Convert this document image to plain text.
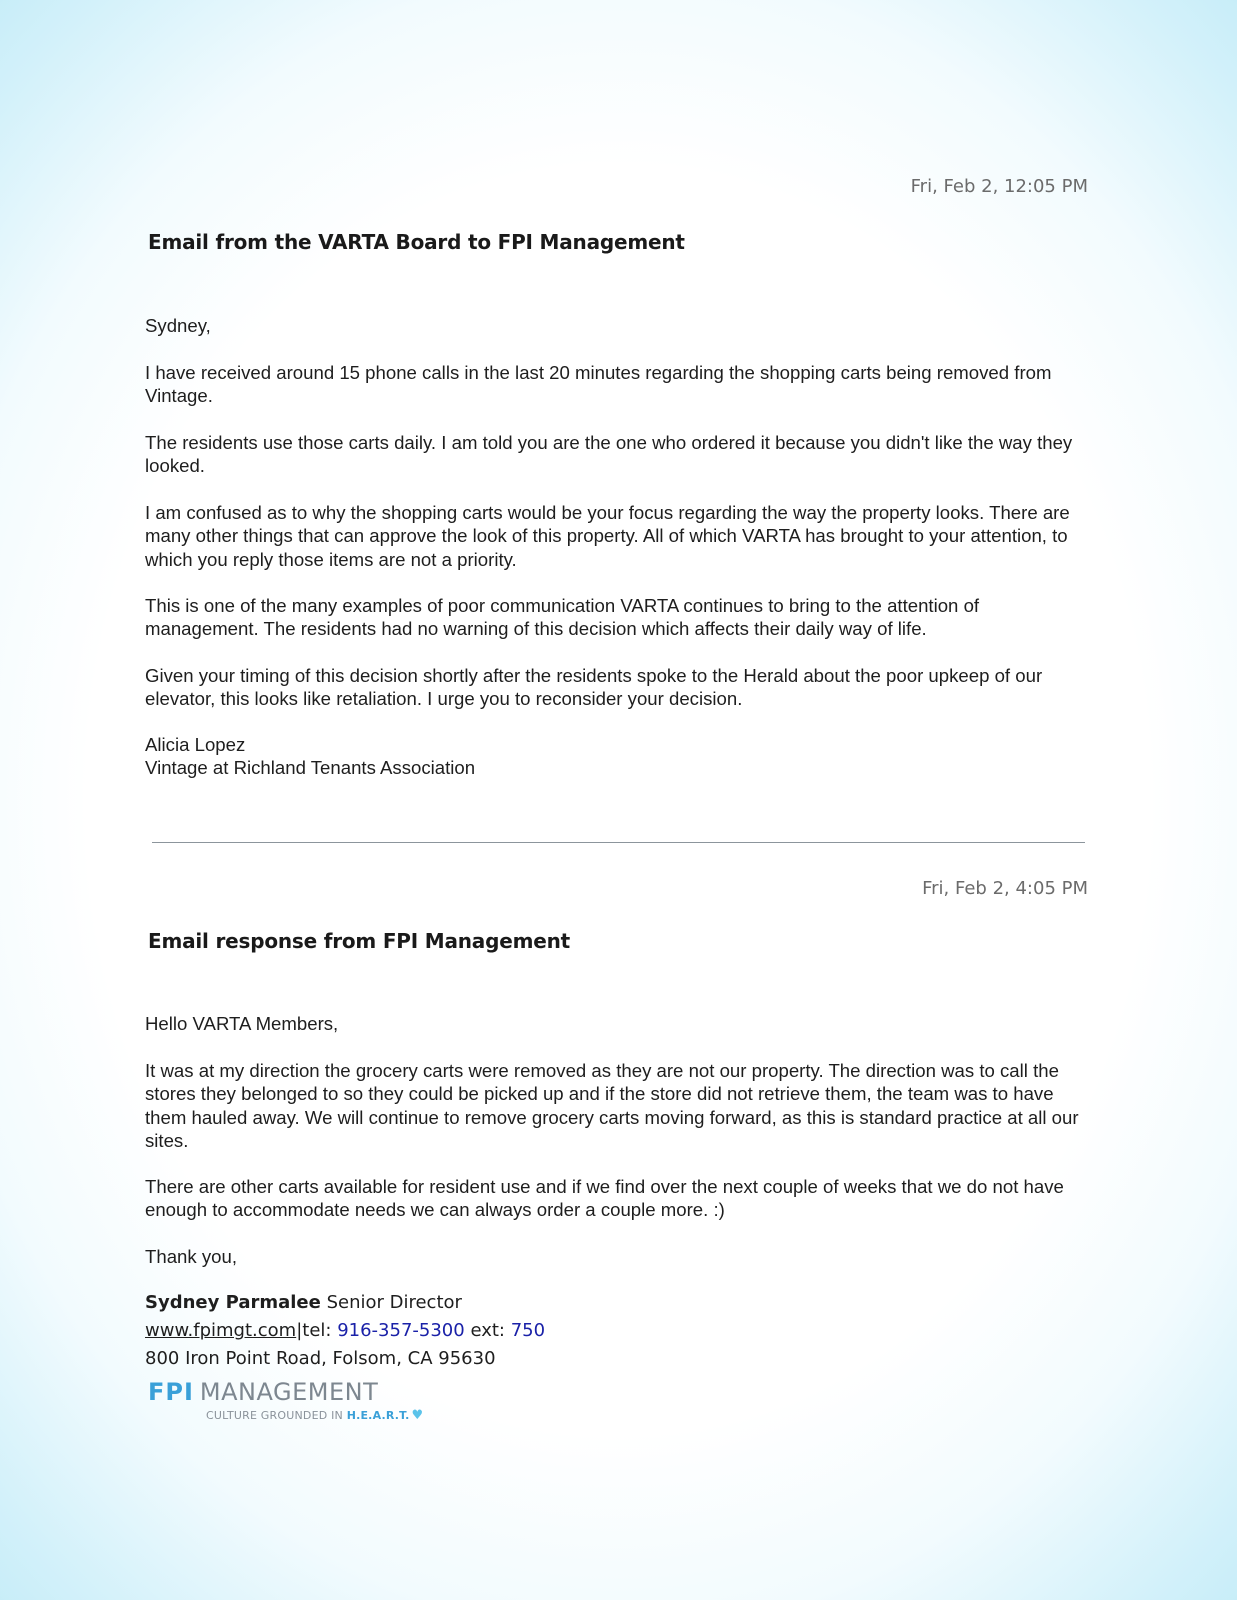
Fri, Feb 2, 12:05 PM
Email from the VARTA Board to FPI Management

Sydney,

I have received around 15 phone calls in the last 20 minutes regarding the shopping carts being removed from Vintage.

The residents use those carts daily. I am told you are the one who ordered it because you didn't like the way they looked.

I am confused as to why the shopping carts would be your focus regarding the way the property looks. There are many other things that can approve the look of this property. All of which VARTA has brought to your attention, to which you reply those items are not a priority.

This is one of the many examples of poor communication VARTA continues to bring to the attention of management. The residents had no warning of this decision which affects their daily way of life.

Given your timing of this decision shortly after the residents spoke to the Herald about the poor upkeep of our elevator, this looks like retaliation. I urge you to reconsider your decision.

Alicia Lopez

Vintage at Richland Tenants Association

Fri, Feb 2, 4:05 PM
Email response from FPI Management

Hello VARTA Members,

It was at my direction the grocery carts were removed as they are not our property. The direction was to call the stores they belonged to so they could be picked up and if the store did not retrieve them, the team was to have them hauled away. We will continue to remove grocery carts moving forward, as this is standard practice at all our sites.

There are other carts available for resident use and if we find over the next couple of weeks that we do not have enough to accommodate needs we can always order a couple more. :)

Thank you,

Sydney Parmalee Senior Director
www.fpimgt.com|tel: 916-357-5300 ext: 750
800 Iron Point Road, Folsom, CA 95630
FPI MANAGEMENT
CULTURE GROUNDED IN H.E.A.R.T. ♥
